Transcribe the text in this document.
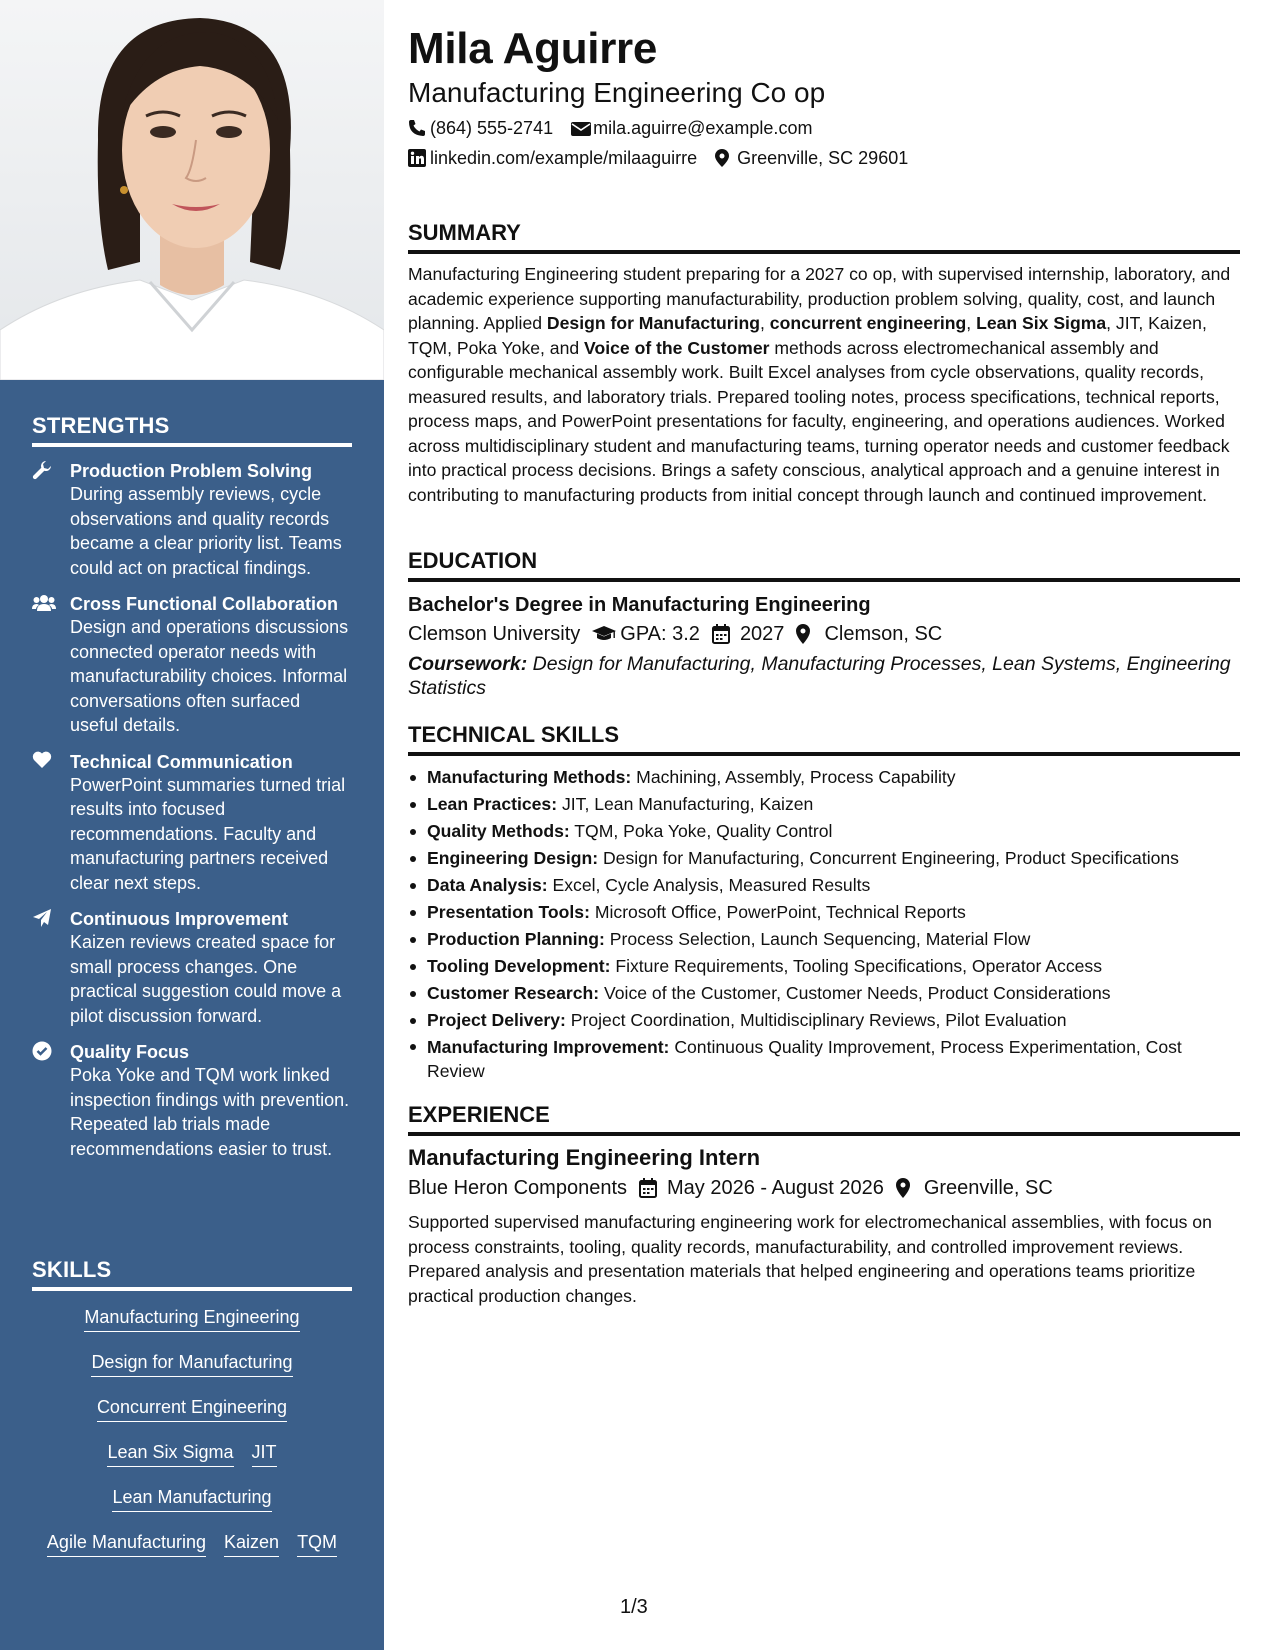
STRENGTHS
Production Problem Solving
During assembly reviews, cycle observations and quality records became a clear priority list. Teams could act on practical findings.
Cross Functional Collaboration
Design and operations discussions connected operator needs with manufacturability choices. Informal conversations often surfaced useful details.
Technical Communication
PowerPoint summaries turned trial results into focused recommendations. Faculty and manufacturing partners received clear next steps.
Continuous Improvement
Kaizen reviews created space for small process changes. One practical suggestion could move a pilot discussion forward.
Quality Focus
Poka Yoke and TQM work linked inspection findings with prevention. Repeated lab trials made recommendations easier to trust.
SKILLS
Manufacturing Engineering
Design for Manufacturing
Concurrent Engineering
Lean Six Sigma JIT
Lean Manufacturing
Agile Manufacturing Kaizen TQM
Mila Aguirre
Manufacturing Engineering Co op
(864) 555-2741 mila.aguirre@example.com
linkedin.com/example/milaaguirre Greenville, SC 29601
SUMMARY
Manufacturing Engineering student preparing for a 2027 co op, with supervised internship, laboratory, and academic experience supporting manufacturability, production problem solving, quality, cost, and launch planning. Applied Design for Manufacturing, concurrent engineering, Lean Six Sigma, JIT, Kaizen, TQM, Poka Yoke, and Voice of the Customer methods across electromechanical assembly and configurable mechanical assembly work. Built Excel analyses from cycle observations, quality records, measured results, and laboratory trials. Prepared tooling notes, process specifications, technical reports, process maps, and PowerPoint presentations for faculty, engineering, and operations audiences. Worked across multidisciplinary student and manufacturing teams, turning operator needs and customer feedback into practical process decisions. Brings a safety conscious, analytical approach and a genuine interest in contributing to manufacturing products from initial concept through launch and continued improvement.
EDUCATION
Bachelor's Degree in Manufacturing Engineering
Clemson University GPA: 3.2 2027 Clemson, SC
Coursework: Design for Manufacturing, Manufacturing Processes, Lean Systems, Engineering Statistics
TECHNICAL SKILLS
Manufacturing Methods: Machining, Assembly, Process Capability
Lean Practices: JIT, Lean Manufacturing, Kaizen
Quality Methods: TQM, Poka Yoke, Quality Control
Engineering Design: Design for Manufacturing, Concurrent Engineering, Product Specifications
Data Analysis: Excel, Cycle Analysis, Measured Results
Presentation Tools: Microsoft Office, PowerPoint, Technical Reports
Production Planning: Process Selection, Launch Sequencing, Material Flow
Tooling Development: Fixture Requirements, Tooling Specifications, Operator Access
Customer Research: Voice of the Customer, Customer Needs, Product Considerations
Project Delivery: Project Coordination, Multidisciplinary Reviews, Pilot Evaluation
Manufacturing Improvement: Continuous Quality Improvement, Process Experimentation, Cost Review
EXPERIENCE
Manufacturing Engineering Intern
Blue Heron Components May 2026 - August 2026 Greenville, SC
Supported supervised manufacturing engineering work for electromechanical assemblies, with focus on process constraints, tooling, quality records, manufacturability, and controlled improvement reviews. Prepared analysis and presentation materials that helped engineering and operations teams prioritize practical production changes.
1/3
